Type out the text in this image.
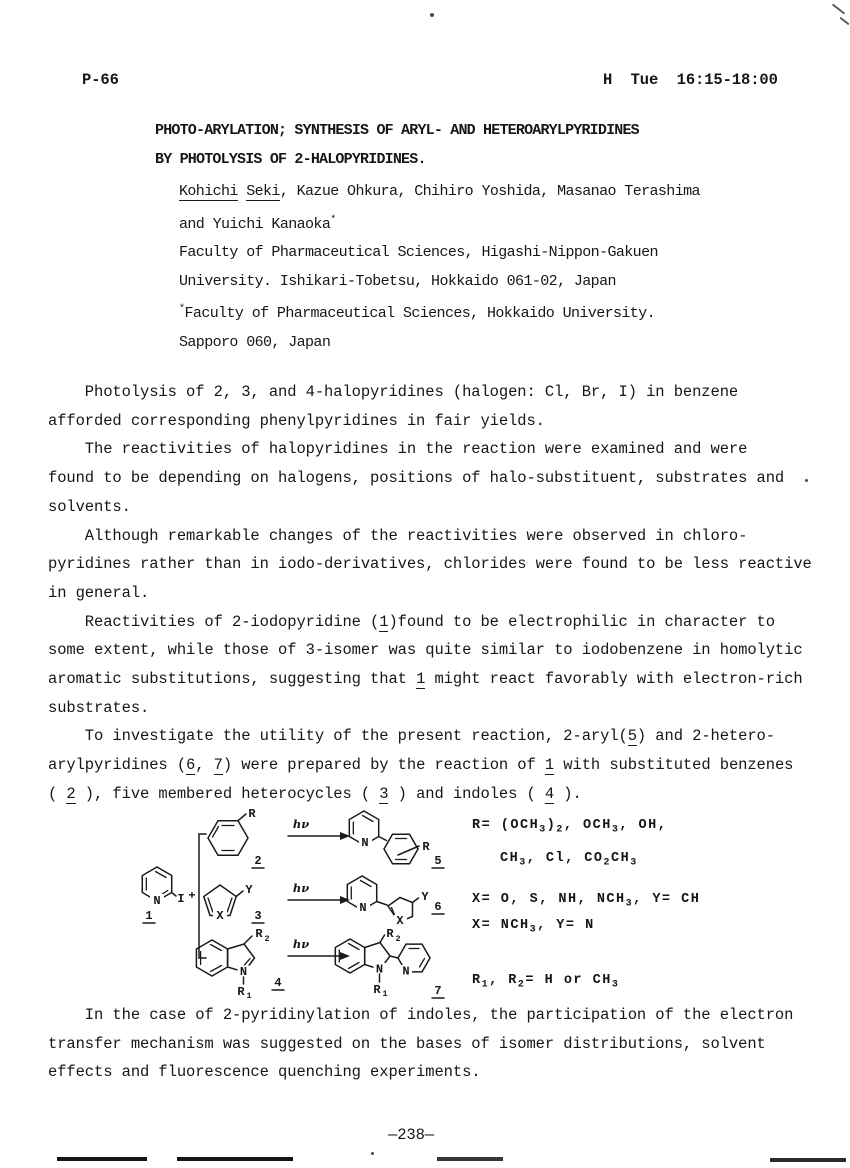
P-66	H  Tue  16:15-18:00
PHOTO-ARYLATION; SYNTHESIS OF ARYL- AND HETEROARYLPYRIDINES
BY PHOTOLYSIS OF 2-HALOPYRIDINES.
Kohichi Seki, Kazue Ohkura, Chihiro Yoshida, Masanao Terashima
and Yuichi Kanaoka*
Faculty of Pharmaceutical Sciences, Higashi-Nippon-Gakuen
University. Ishikari-Tobetsu, Hokkaido 061-02, Japan
*Faculty of Pharmaceutical Sciences, Hokkaido University.
Sapporo 060, Japan
Photolysis of 2, 3, and 4-halopyridines (halogen: Cl, Br, I) in benzene
afforded corresponding phenylpyridines in fair yields.
The reactivities of halopyridines in the reaction were examined and were
found to be depending on halogens, positions of halo-substituent, substrates and
solvents.
Although remarkable changes of the reactivities were observed in chloro-
pyridines rather than in iodo-derivatives, chlorides were found to be less reactive
in general.
Reactivities of 2-iodopyridine (1)found to be electrophilic in character to
some extent, while those of 3-isomer was quite similar to iodobenzene in homolytic
aromatic substitutions, suggesting that 1 might react favorably with electron-rich
substrates.
To investigate the utility of the present reaction, 2-aryl(5) and 2-hetero-
arylpyridines (6, 7) were prepared by the reaction of 1 with substituted benzenes
( 2 ), five membered heterocycles ( 3 ) and indoles ( 4 ).
N I +
1
R
2
hν
N	R
5
X
Y
3
hν
N
X
Y
6
N
R 2
R 1
4
hν
N
R 2
R 1
N
7
$R= (OCH_3)_2$, $OCH_3$, OH,
$CH_3$, Cl, $CO_2CH_3$
X= O, S, NH, $NCH_3$, Y= CH
$X= NCH_3$, Y= N
$R_1$, $R_2= H$ or $CH_3$
In the case of 2-pyridinylation of indoles, the participation of the electron
transfer mechanism was suggested on the bases of isomer distributions, solvent
effects and fluorescence quenching experiments.
—238—
